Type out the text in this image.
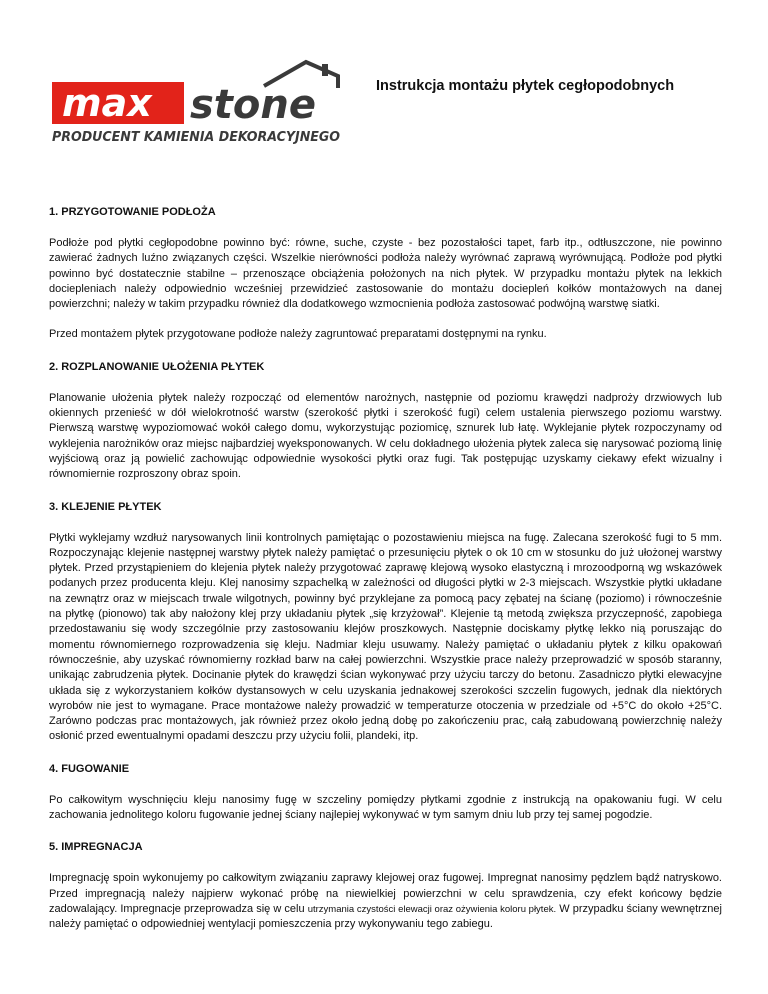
max stone
PRODUCENT KAMIENIA DEKORACYJNEGO
Instrukcja montażu płytek cegłopodobnych

1. PRZYGOTOWANIE PODŁOŻA

Podłoże pod płytki cegłopodobne powinno być: równe, suche, czyste - bez pozostałości tapet, farb itp., odtłuszczone, nie powinno zawierać żadnych luźno związanych części. Wszelkie nierówności podłoża należy wyrównać zaprawą wyrównującą. Podłoże pod płytki powinno być dostatecznie stabilne – przenoszące obciążenia położonych na nich płytek. W przypadku montażu płytek na lekkich dociepleniach należy odpowiednio wcześniej przewidzieć zastosowanie do montażu dociepleń kołków montażowych na danej powierzchni; należy w takim przypadku również dla dodatkowego wzmocnienia podłoża zastosować podwójną warstwę siatki.

Przed montażem płytek przygotowane podłoże należy zagruntować preparatami dostępnymi na rynku.

2. ROZPLANOWANIE UŁOŻENIA PŁYTEK

Planowanie ułożenia płytek należy rozpocząć od elementów narożnych, następnie od poziomu krawędzi nadproży drzwiowych lub okiennych przenieść w dół wielokrotność warstw (szerokość płytki i szerokość fugi) celem ustalenia pierwszego poziomu warstwy. Pierwszą warstwę wypoziomować wokół całego domu, wykorzystując poziomicę, sznurek lub łatę. Wyklejanie płytek rozpoczynamy od wyklejenia narożników oraz miejsc najbardziej wyeksponowanych. W celu dokładnego ułożenia płytek zaleca się narysować poziomą linię wyjściową oraz ją powielić zachowując odpowiednie wysokości płytki oraz fugi. Tak postępując uzyskamy ciekawy efekt wizualny i równomiernie rozproszony obraz spoin.

3. KLEJENIE PŁYTEK

Płytki wyklejamy wzdłuż narysowanych linii kontrolnych pamiętając o pozostawieniu miejsca na fugę. Zalecana szerokość fugi to 5 mm. Rozpoczynając klejenie następnej warstwy płytek należy pamiętać o przesunięciu płytek o ok 10 cm w stosunku do już ułożonej warstwy płytek. Przed przystąpieniem do klejenia płytek należy przygotować zaprawę klejową wysoko elastyczną i mrozoodporną wg wskazówek podanych przez producenta kleju. Klej nanosimy szpachelką w zależności od długości płytki w 2-3 miejscach. Wszystkie płytki układane na zewnątrz oraz w miejscach trwale wilgotnych, powinny być przyklejane za pomocą pacy zębatej na ścianę (poziomo) i równocześnie na płytkę (pionowo) tak aby nałożony klej przy układaniu płytek „się krzyżował”. Klejenie tą metodą zwiększa przyczepność, zapobiega przedostawaniu się wody szczególnie przy zastosowaniu klejów proszkowych. Następnie dociskamy płytkę lekko nią poruszając do momentu równomiernego rozprowadzenia się kleju. Nadmiar kleju usuwamy. Należy pamiętać o układaniu płytek z kilku opakowań równocześnie, aby uzyskać równomierny rozkład barw na całej powierzchni. Wszystkie prace należy przeprowadzić w sposób staranny, unikając zabrudzenia płytek. Docinanie płytek do krawędzi ścian wykonywać przy użyciu tarczy do betonu. Zasadniczo płytki elewacyjne układa się z wykorzystaniem kołków dystansowych w celu uzyskania jednakowej szerokości szczelin fugowych, jednak dla niektórych wyrobów nie jest to wymagane. Prace montażowe należy prowadzić w temperaturze otoczenia w przedziale od +5°C do około +25°C. Zarówno podczas prac montażowych, jak również przez około jedną dobę po zakończeniu prac, całą zabudowaną powierzchnię należy osłonić przed ewentualnymi opadami deszczu przy użyciu folii, plandeki, itp.

4. FUGOWANIE

Po całkowitym wyschnięciu kleju nanosimy fugę w szczeliny pomiędzy płytkami zgodnie z instrukcją na opakowaniu fugi. W celu zachowania jednolitego koloru fugowanie jednej ściany najlepiej wykonywać w tym samym dniu lub przy tej samej pogodzie.

5. IMPREGNACJA

Impregnację spoin wykonujemy po całkowitym związaniu zaprawy klejowej oraz fugowej. Impregnat nanosimy pędzlem bądź natryskowo. Przed impregnacją należy najpierw wykonać próbę na niewielkiej powierzchni w celu sprawdzenia, czy efekt końcowy będzie zadowalający. Impregnacje przeprowadza się w celu utrzymania czystości elewacji oraz ożywienia koloru płytek. W przypadku ściany wewnętrznej należy pamiętać o odpowiedniej wentylacji pomieszczenia przy wykonywaniu tego zabiegu.
